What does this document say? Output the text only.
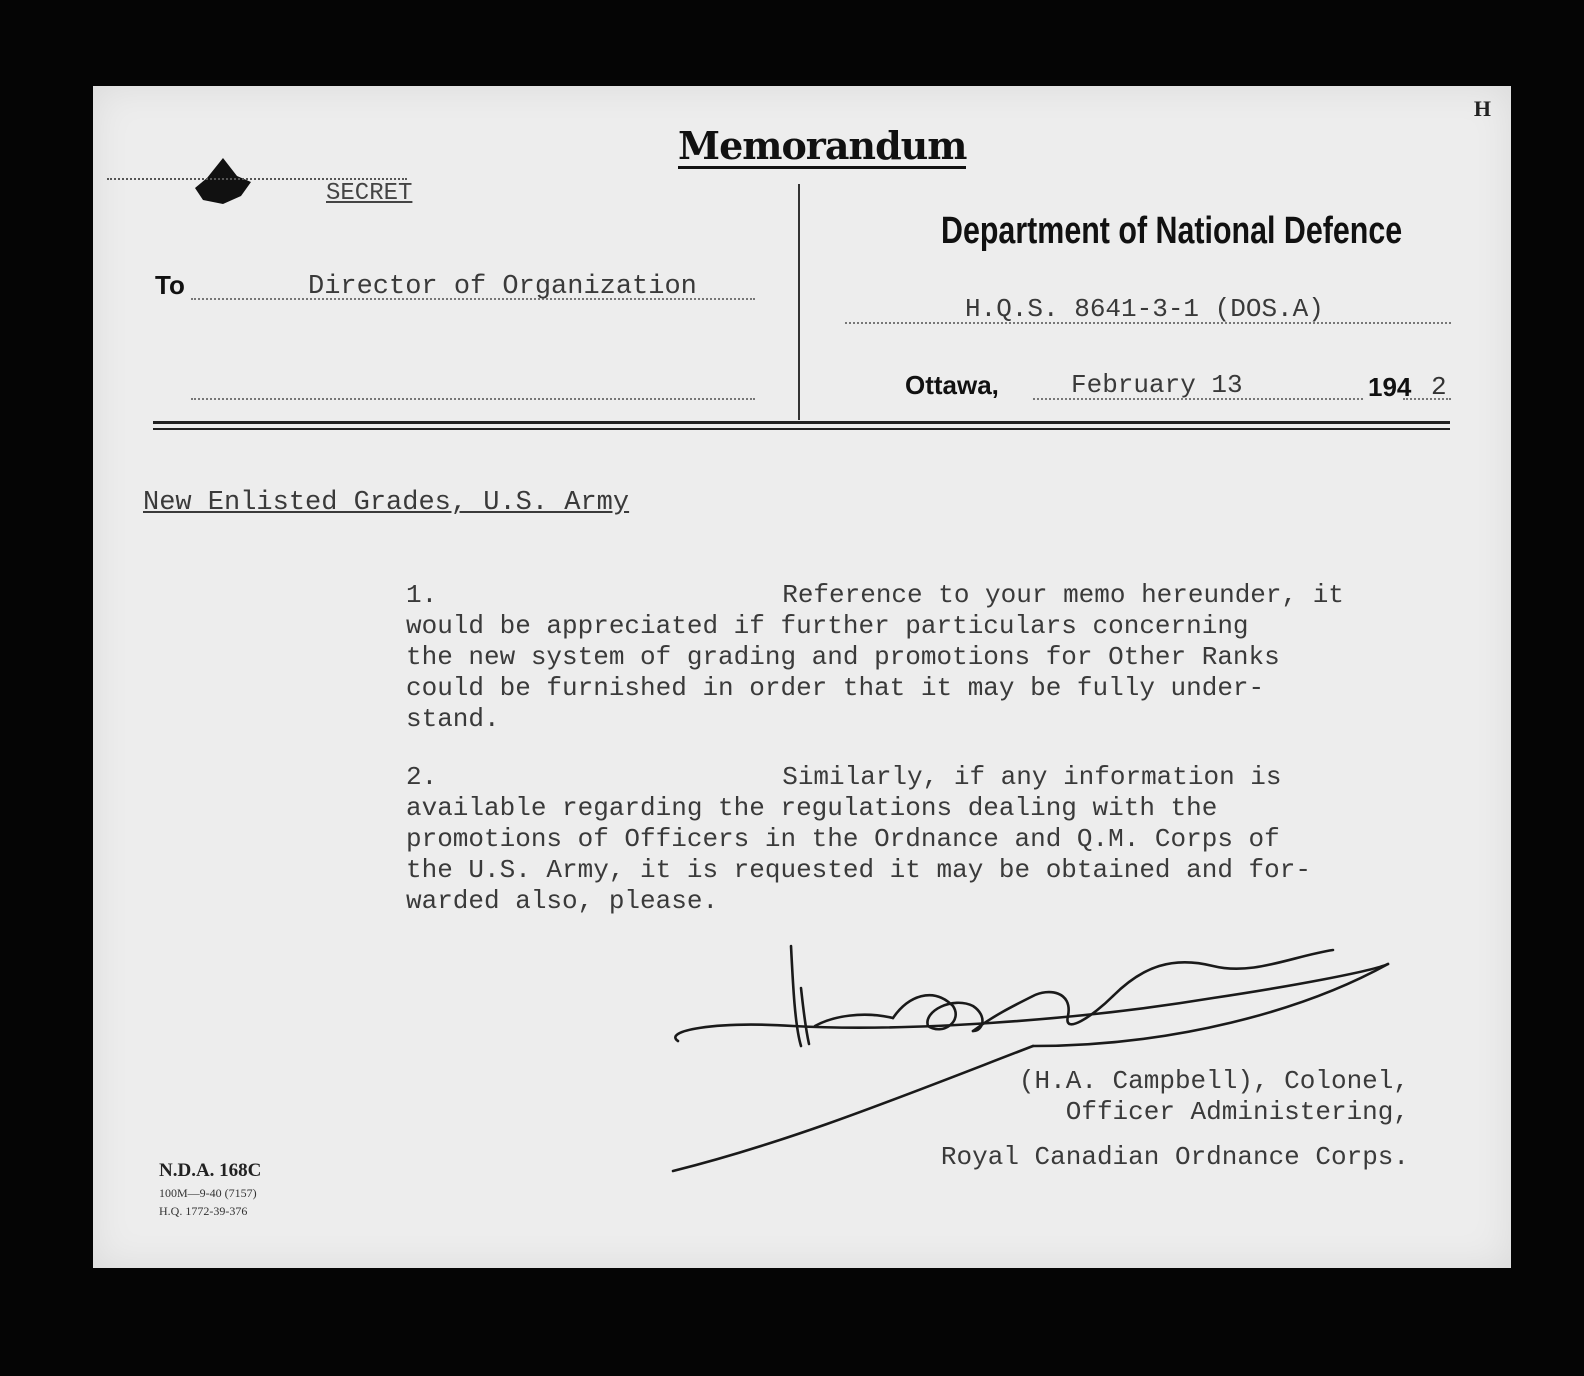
H
Memorandum
SECRET
To	Director of Organization
Department of National Defence
H.Q.S. 8641-3-1 (DOS.A)
Ottawa,	February 13	194 2
New Enlisted Grades, U.S. Army
1.	Reference to your memo hereunder, it
would be appreciated if further particulars concerning
the new system of grading and promotions for Other Ranks
could be furnished in order that it may be fully under-
stand.
2.	Similarly, if any information is
available regarding the regulations dealing with the
promotions of Officers in the Ordnance and Q.M. Corps of
the U.S. Army, it is requested it may be obtained and for-
warded also, please.
(H.A. Campbell), Colonel,
Officer Administering,
Royal Canadian Ordnance Corps.
N.D.A. 168C
100M—9-40 (7157)
H.Q. 1772-39-376
